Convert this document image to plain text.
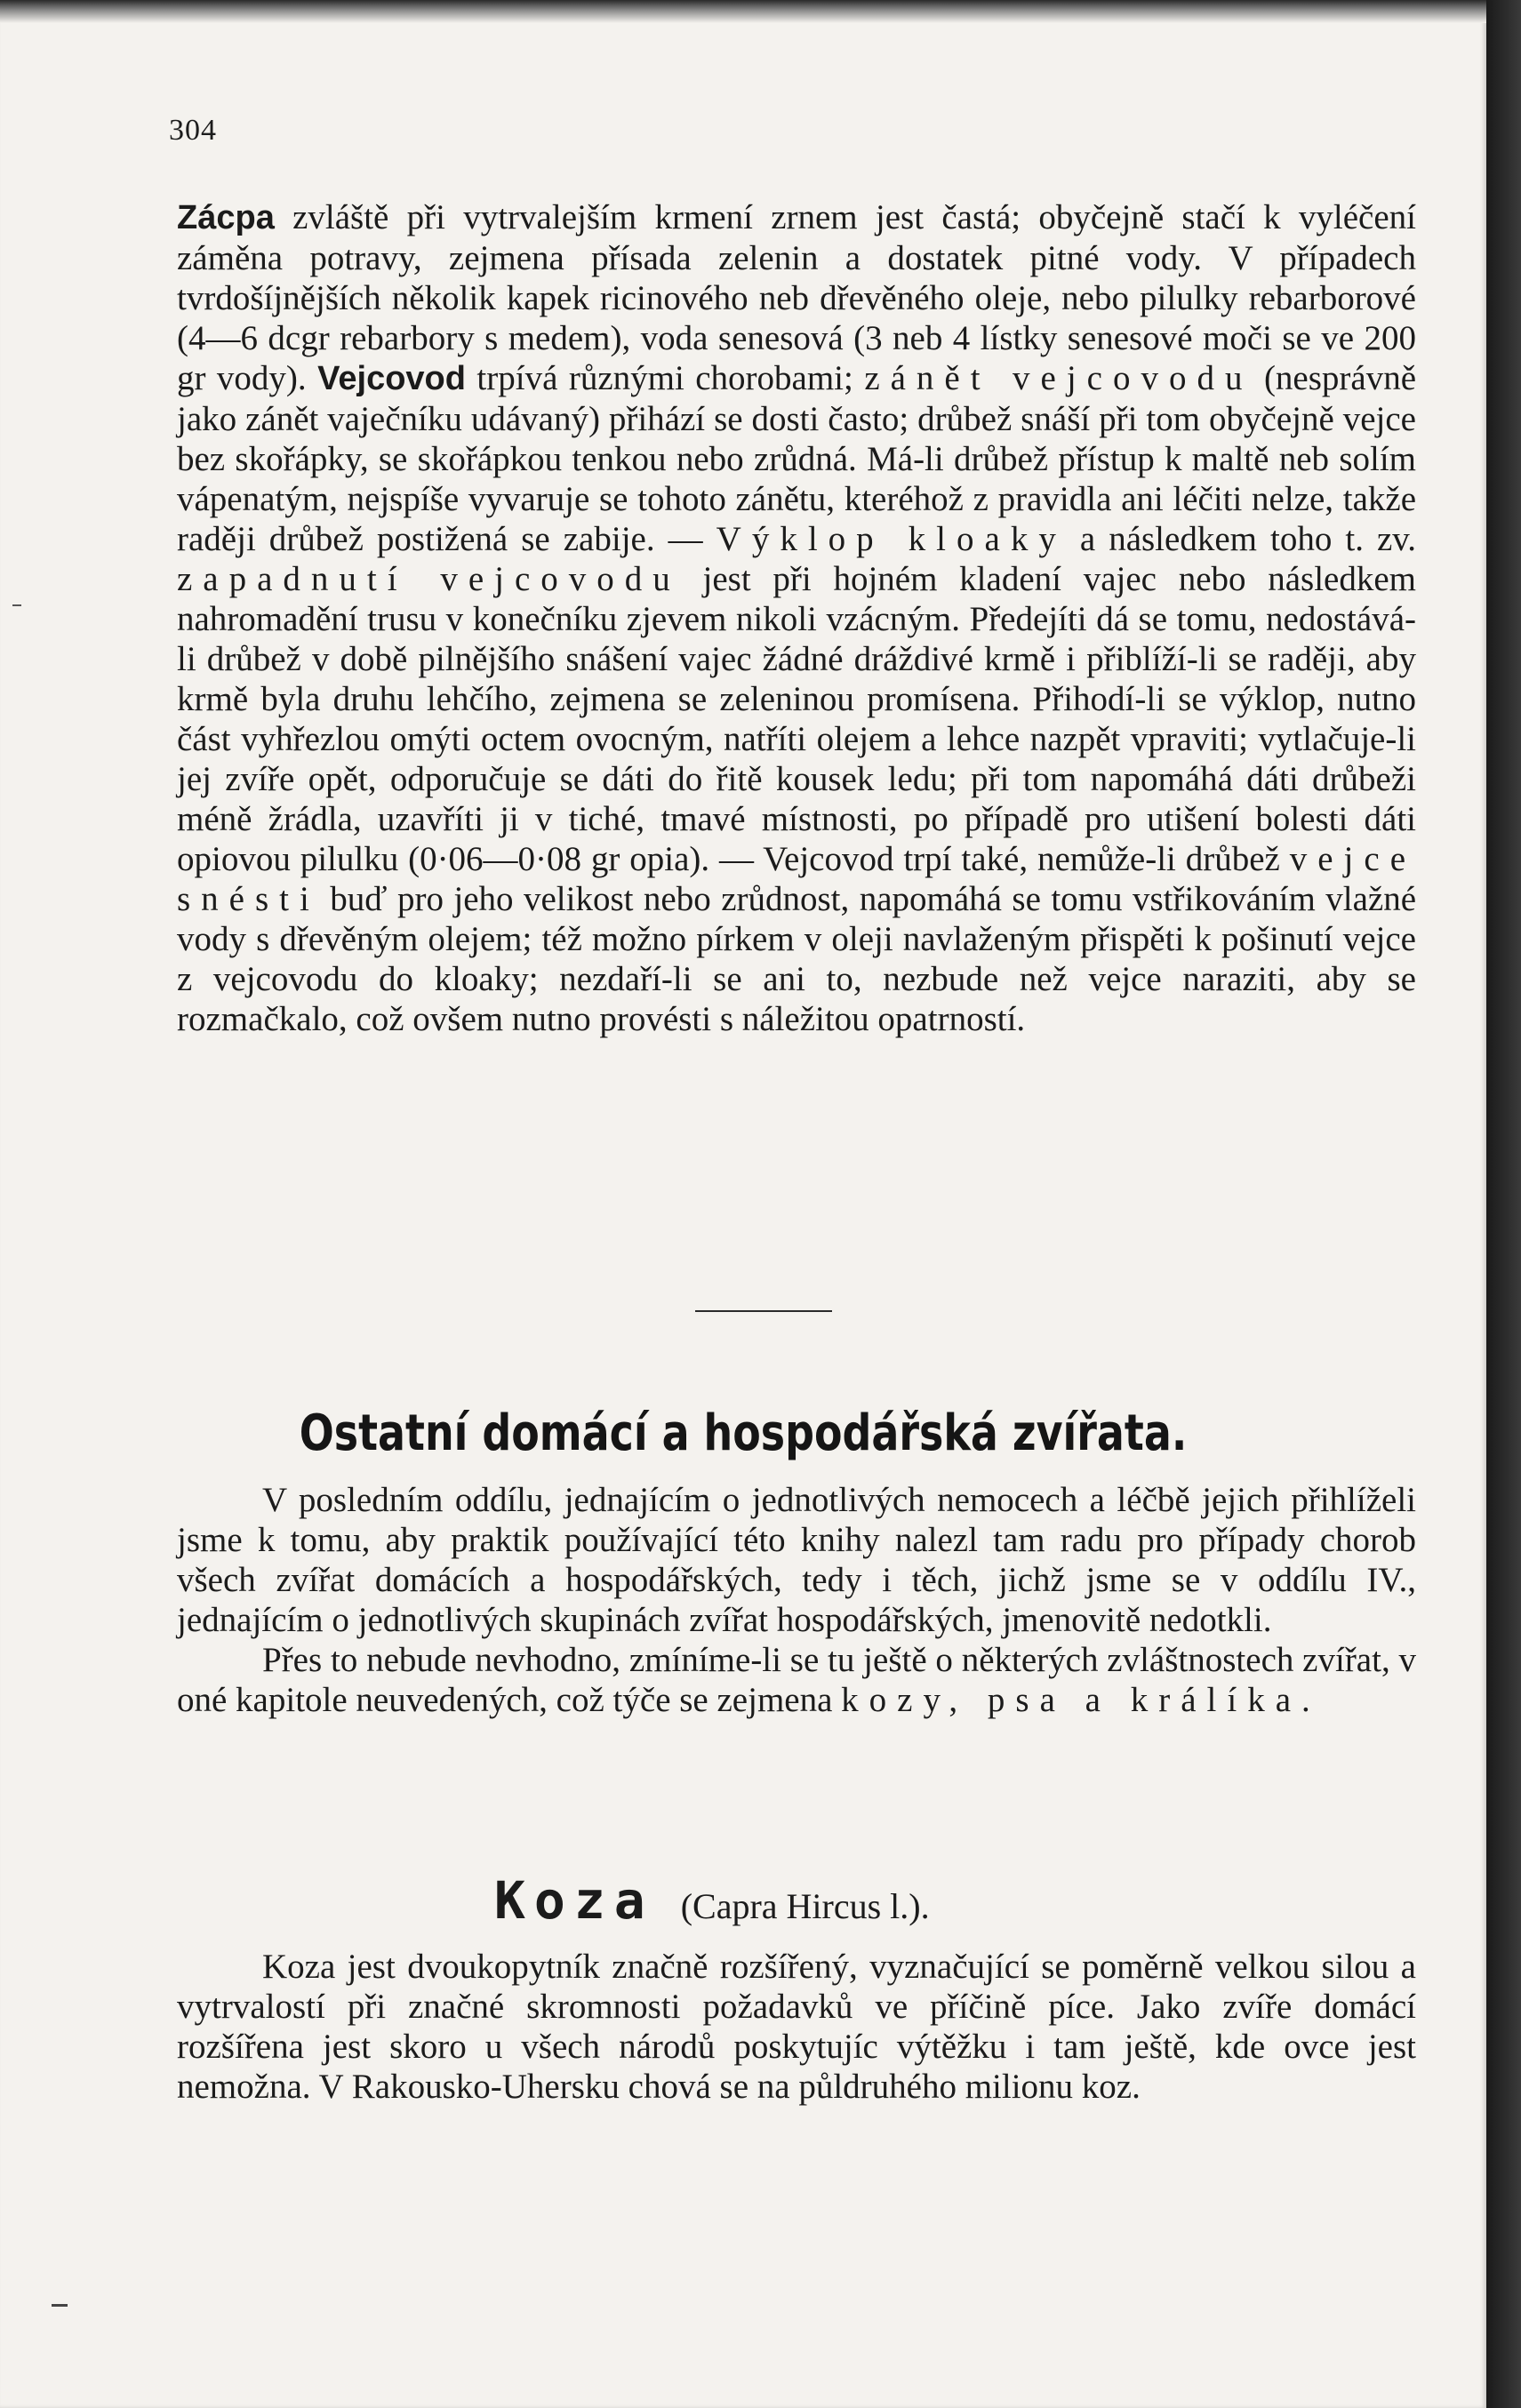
304

Zácpa zvláště při vytrvalejším krmení zrnem jest častá; obyčejně stačí k vyléčení záměna potravy, zejmena přísada zelenin a dostatek pitné vody. V případech tvrdošíjnějších několik kapek ricinového neb dřevěného oleje, nebo pilulky rebarborové (4—6 dcgr rebarbory s medem), voda senesová (3 neb 4 lístky senesové moči se ve 200 gr vody). Vejcovod trpívá různými chorobami; zánět vejcovodu (nesprávně jako zánět vaječníku udávaný) přihází se dosti často; drůbež snáší při tom obyčejně vejce bez skořápky, se skořápkou tenkou nebo zrůdná. Má-li drůbež přístup k maltě neb solím vápenatým, nejspíše vyvaruje se tohoto zánětu, kteréhož z pravidla ani léčiti nelze, takže raději drůbež postižená se zabije. — Výklop kloaky a následkem toho t. zv. zapadnutí vejcovodu jest při hojném kladení vajec nebo následkem nahromadění trusu v konečníku zjevem nikoli vzácným. Předejíti dá se tomu, nedostává-li drůbež v době pilnějšího snášení vajec žádné dráždivé krmě i přiblíží-li se raději, aby krmě byla druhu lehčího, zejmena se zeleninou promísena. Přihodí-li se výklop, nutno část vyhřezlou omýti octem ovocným, natříti olejem a lehce nazpět vpraviti; vytlačuje-li jej zvíře opět, odporučuje se dáti do řitě kousek ledu; při tom napomáhá dáti drůbeži méně žrádla, uzavříti ji v tiché, tmavé místnosti, po případě pro utišení bolesti dáti opiovou pilulku (0·06—0·08 gr opia). — Vejcovod trpí také, nemůže-li drůbež vejce snésti buď pro jeho velikost nebo zrůdnost, napomáhá se tomu vstřikováním vlažné vody s dřevěným olejem; též možno pírkem v oleji navlaženým přispěti k pošinutí vejce z vejcovodu do kloaky; nezdaří-li se ani to, nezbude než vejce naraziti, aby se rozmačkalo, což ovšem nutno provésti s náležitou opatrností.

Ostatní domácí a hospodářská zvířata.

V posledním oddílu, jednajícím o jednotlivých nemocech a léčbě jejich přihlíželi jsme k tomu, aby praktik používající této knihy nalezl tam radu pro případy chorob všech zvířat domácích a hospodářských, tedy i těch, jichž jsme se v oddílu IV., jednajícím o jednotlivých skupinách zvířat hospodářských, jmenovitě nedotkli.

Přes to nebude nevhodno, zmíníme-li se tu ještě o některých zvláštnostech zvířat, v oné kapitole neuvedených, což týče se zejmena kozy, psa a králíka.

Koza (Capra Hircus l.).

Koza jest dvoukopytník značně rozšířený, vyznačující se poměrně velkou silou a vytrvalostí při značné skromnosti požadavků ve příčině píce. Jako zvíře domácí rozšířena jest skoro u všech národů poskytujíc výtěžku i tam ještě, kde ovce jest nemožna. V Rakousko-Uhersku chová se na půldruhého milionu koz.
